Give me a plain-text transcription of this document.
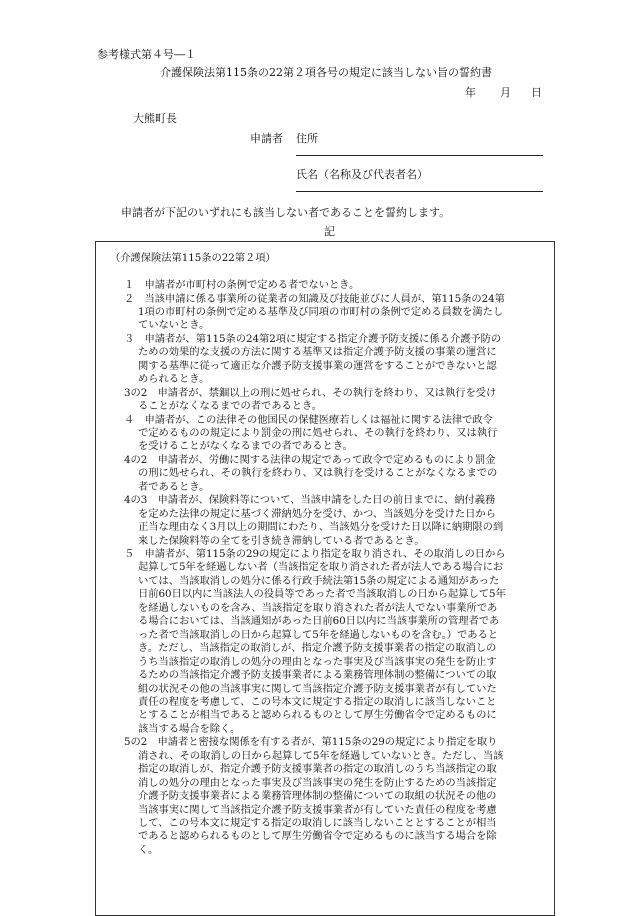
参考様式第４号―１
介護保険法第115条の22第２項各号の規定に該当しない旨の誓約書
年 月 日
大熊町長
申請者 住所
氏名（名称及び代表者名）
申請者が下記のいずれにも該当しない者であることを誓約します。
記
（介護保険法第115条の22第２項）
１　申請者が市町村の条例で定める者でないとき。
２　当該申請に係る事業所の従業者の知識及び技能並びに人員が、第115条の24第
1項の市町村の条例で定める基準及び同項の市町村の条例で定める員数を満たし
ていないとき。
３　申請者が、第115条の24第2項に規定する指定介護予防支援に係る介護予防の
ための効果的な支援の方法に関する基準又は指定介護予防支援の事業の運営に
関する基準に従って適正な介護予防支援事業の運営をすることができないと認
められるとき。
3の2　申請者が、禁錮以上の刑に処せられ、その執行を終わり、又は執行を受け
ることがなくなるまでの者であるとき。
４　申請者が、この法律その他国民の保健医療若しくは福祉に関する法律で政令
で定めるものの規定により罰金の刑に処せられ、その執行を終わり、又は執行
を受けることがなくなるまでの者であるとき。
4の2　申請者が、労働に関する法律の規定であって政令で定めるものにより罰金
の刑に処せられ、その執行を終わり、又は執行を受けることがなくなるまでの
者であるとき。
4の3　申請者が、保険料等について、当該申請をした日の前日までに、納付義務
を定めた法律の規定に基づく滞納処分を受け、かつ、当該処分を受けた日から
正当な理由なく3月以上の期間にわたり、当該処分を受けた日以降に納期限の到
来した保険料等の全てを引き続き滞納している者であるとき。
５　申請者が、第115条の29の規定により指定を取り消され、その取消しの日から
起算して5年を経過しない者（当該指定を取り消された者が法人である場合にお
いては、当該取消しの処分に係る行政手続法第15条の規定による通知があった
日前60日以内に当該法人の役員等であった者で当該取消しの日から起算して5年
を経過しないものを含み、当該指定を取り消された者が法人でない事業所であ
る場合においては、当該通知があった日前60日以内に当該事業所の管理者であ
った者で当該取消しの日から起算して5年を経過しないものを含む。）であると
き。ただし、当該指定の取消しが、指定介護予防支援事業者の指定の取消しの
うち当該指定の取消しの処分の理由となった事実及び当該事実の発生を防止す
るための当該指定介護予防支援事業者による業務管理体制の整備についての取
組の状況その他の当該事実に関して当該指定介護予防支援事業者が有していた
責任の程度を考慮して、この号本文に規定する指定の取消しに該当しないこと
とすることが相当であると認められるものとして厚生労働省令で定めるものに
該当する場合を除く。
5の2　申請者と密接な関係を有する者が、第115条の29の規定により指定を取り
消され、その取消しの日から起算して5年を経過していないとき。ただし、当該
指定の取消しが、指定介護予防支援事業者の指定の取消しのうち当該指定の取
消しの処分の理由となった事実及び当該事実の発生を防止するための当該指定
介護予防支援事業者による業務管理体制の整備についての取組の状況その他の
当該事実に関して当該指定介護予防支援事業者が有していた責任の程度を考慮
して、この号本文に規定する指定の取消しに該当しないこととすることが相当
であると認められるものとして厚生労働省令で定めるものに該当する場合を除
く。
